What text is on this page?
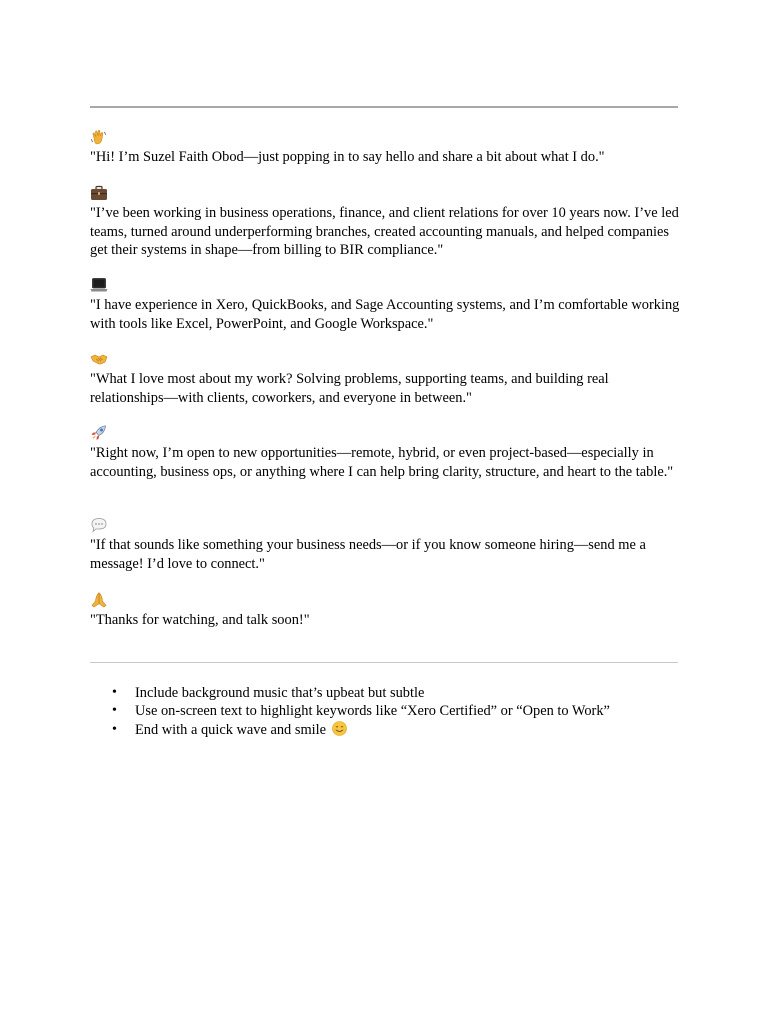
"Hi! I’m Suzel Faith Obod—just popping in to say hello and share a bit about what I do."

"I’ve been working in business operations, finance, and client relations for over 10 years now. I’ve led teams, turned around underperforming branches, created accounting manuals, and helped companies get their systems in shape—from billing to BIR compliance."

"I have experience in Xero, QuickBooks, and Sage Accounting systems, and I’m comfortable working with tools like Excel, PowerPoint, and Google Workspace."

"What I love most about my work? Solving problems, supporting teams, and building real relationships—with clients, coworkers, and everyone in between."

"Right now, I’m open to new opportunities—remote, hybrid, or even project-based—especially in accounting, business ops, or anything where I can help bring clarity, structure, and heart to the table."

"If that sounds like something your business needs—or if you know someone hiring—send me a message! I’d love to connect."

"Thanks for watching, and talk soon!"

• Include background music that’s upbeat but subtle
• Use on-screen text to highlight keywords like “Xero Certified” or “Open to Work”
• End with a quick wave and smile
